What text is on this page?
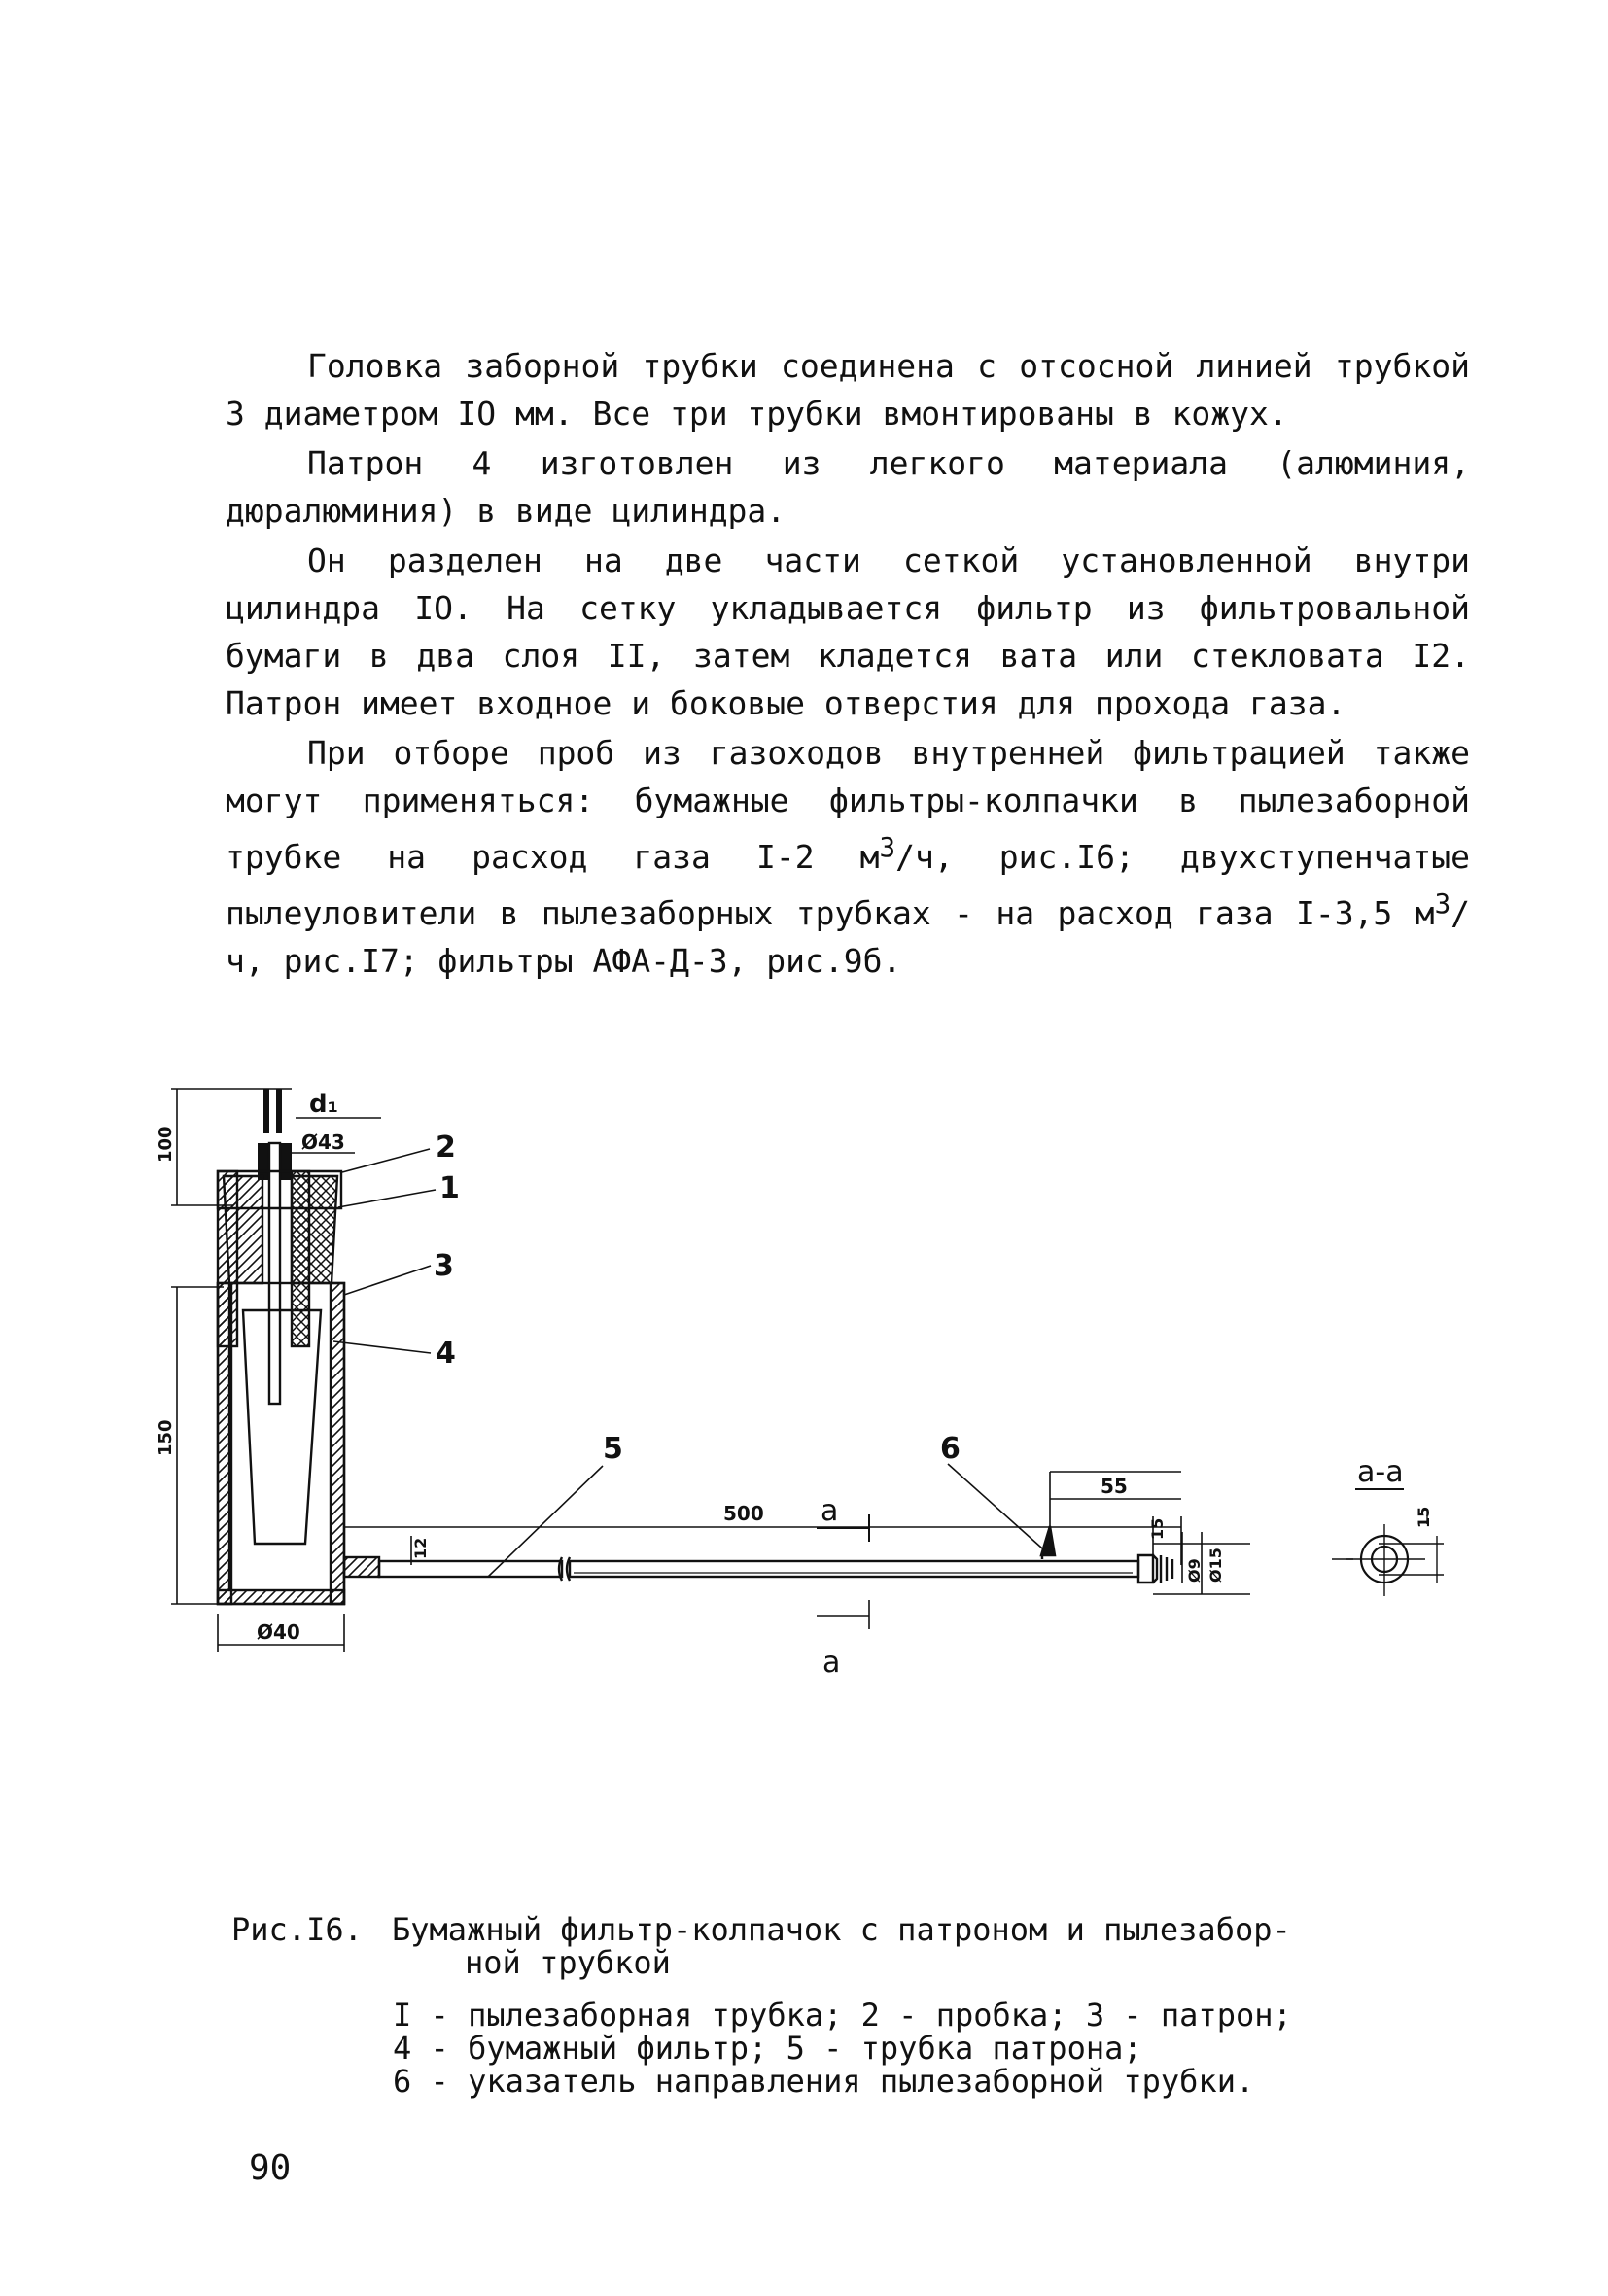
Головка заборной трубки соединена с отсосной линией трубкой 3 диаметром IO мм. Все три трубки вмонтированы в кожух.

Патрон 4 изготовлен из легкого материала (алюминия, дюралюминия) в виде цилиндра.

Он разделен на две части сеткой установленной внутри цилиндра IO. На сетку укладывается фильтр из фильтровальной бумаги в два слоя II, затем кладется вата или стекловата I2. Патрон имеет входное и боковые отверстия для прохода газа.

При отборе проб из газоходов внутренней фильтрацией также могут применяться: бумажные фильтры-колпачки в пылезаборной трубке на расход газа I-2 $м^3/ч$, рис.I6; двухступенчатые пылеуловители в пылезаборных трубках - на расход газа I-3,5 $м^3/ч$, рис.I7; фильтры АФА-Д-3, рис.9б.

2
1
3
4
5	6
d₁
Ø43
100
150
Ø40
500
55
15
12
Ø9 Ø15
15
a
a
a-a

Рис.I6. Бумажный фильтр-колпачок с патроном и пылезабор-

ной трубкой

I - пылезаборная трубка; 2 - пробка; 3 - патрон;
4 - бумажный фильтр; 5 - трубка патрона;
6 - указатель направления пылезаборной трубки.
90
